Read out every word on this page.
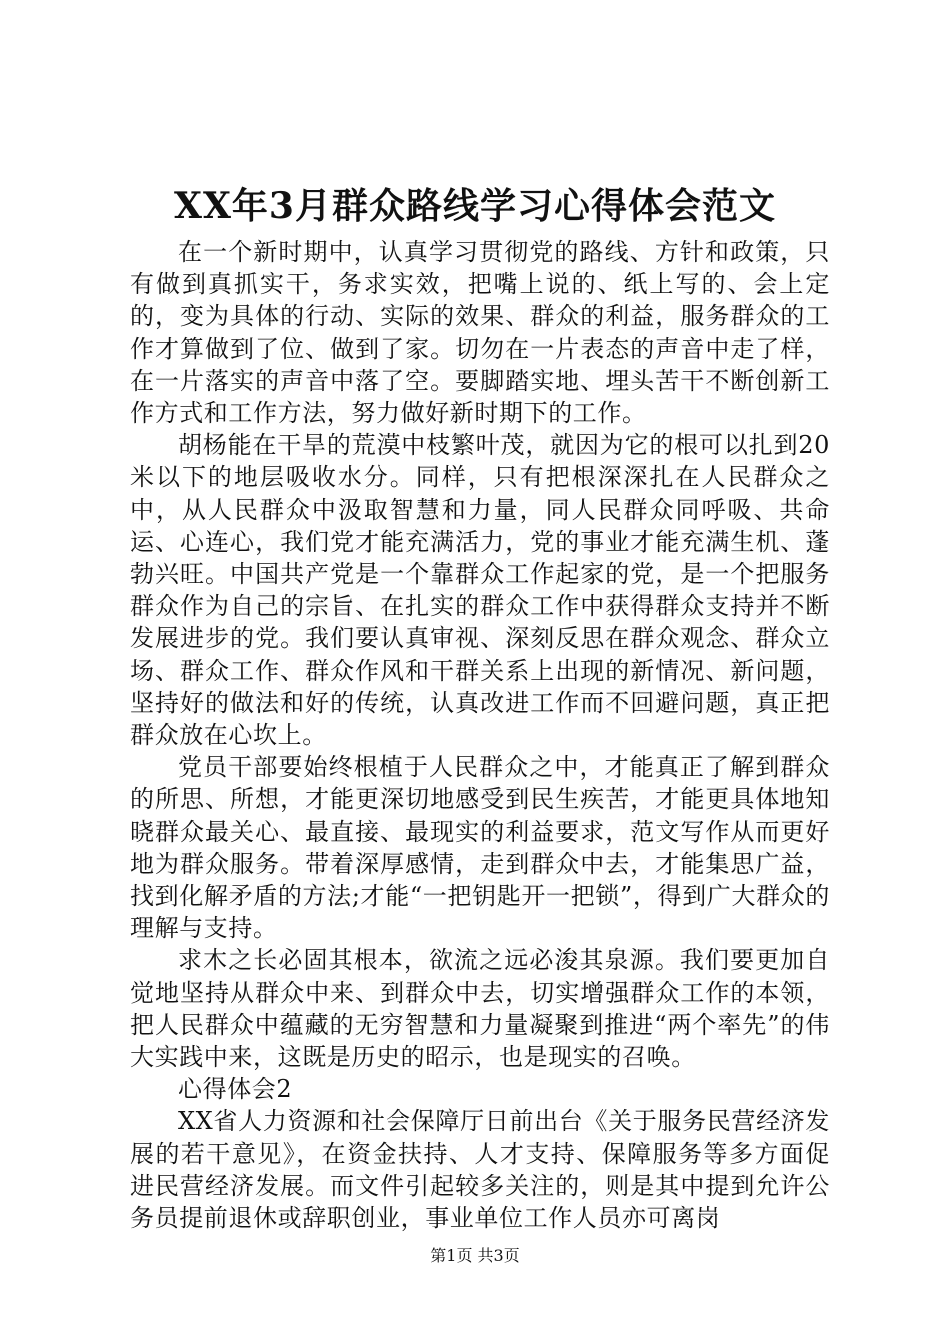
XX年3月群众路线学习心得体会范文

在一个新时期中，认真学习贯彻党的路线、方针和政策，只有做到真抓实干，务求实效，把嘴上说的、纸上写的、会上定的，变为具体的行动、实际的效果、群众的利益，服务群众的工作才算做到了位、做到了家。切勿在一片表态的声音中走了样，在一片落实的声音中落了空。要脚踏实地、埋头苦干不断创新工作方式和工作方法，努力做好新时期下的工作。

胡杨能在干旱的荒漠中枝繁叶茂，就因为它的根可以扎到20米以下的地层吸收水分。同样，只有把根深深扎在人民群众之中，从人民群众中汲取智慧和力量，同人民群众同呼吸、共命运、心连心，我们党才能充满活力，党的事业才能充满生机、蓬勃兴旺。中国共产党是一个靠群众工作起家的党，是一个把服务群众作为自己的宗旨、在扎实的群众工作中获得群众支持并不断发展进步的党。我们要认真审视、深刻反思在群众观念、群众立场、群众工作、群众作风和干群关系上出现的新情况、新问题，坚持好的做法和好的传统，认真改进工作而不回避问题，真正把群众放在心坎上。

党员干部要始终根植于人民群众之中，才能真正了解到群众的所思、所想，才能更深切地感受到民生疾苦，才能更具体地知晓群众最关心、最直接、最现实的利益要求，范文写作从而更好地为群众服务。带着深厚感情，走到群众中去，才能集思广益，找到化解矛盾的方法;才能“一把钥匙开一把锁”，得到广大群众的理解与支持。

求木之长必固其根本，欲流之远必浚其泉源。我们要更加自觉地坚持从群众中来、到群众中去，切实增强群众工作的本领，把人民群众中蕴藏的无穷智慧和力量凝聚到推进“两个率先”的伟大实践中来，这既是历史的昭示，也是现实的召唤。

心得体会2

XX省人力资源和社会保障厅日前出台《关于服务民营经济发展的若干意见》，在资金扶持、人才支持、保障服务等多方面促进民营经济发展。而文件引起较多关注的，则是其中提到允许公务员提前退休或辞职创业，事业单位工作人员亦可离岗

第1页 共3页
